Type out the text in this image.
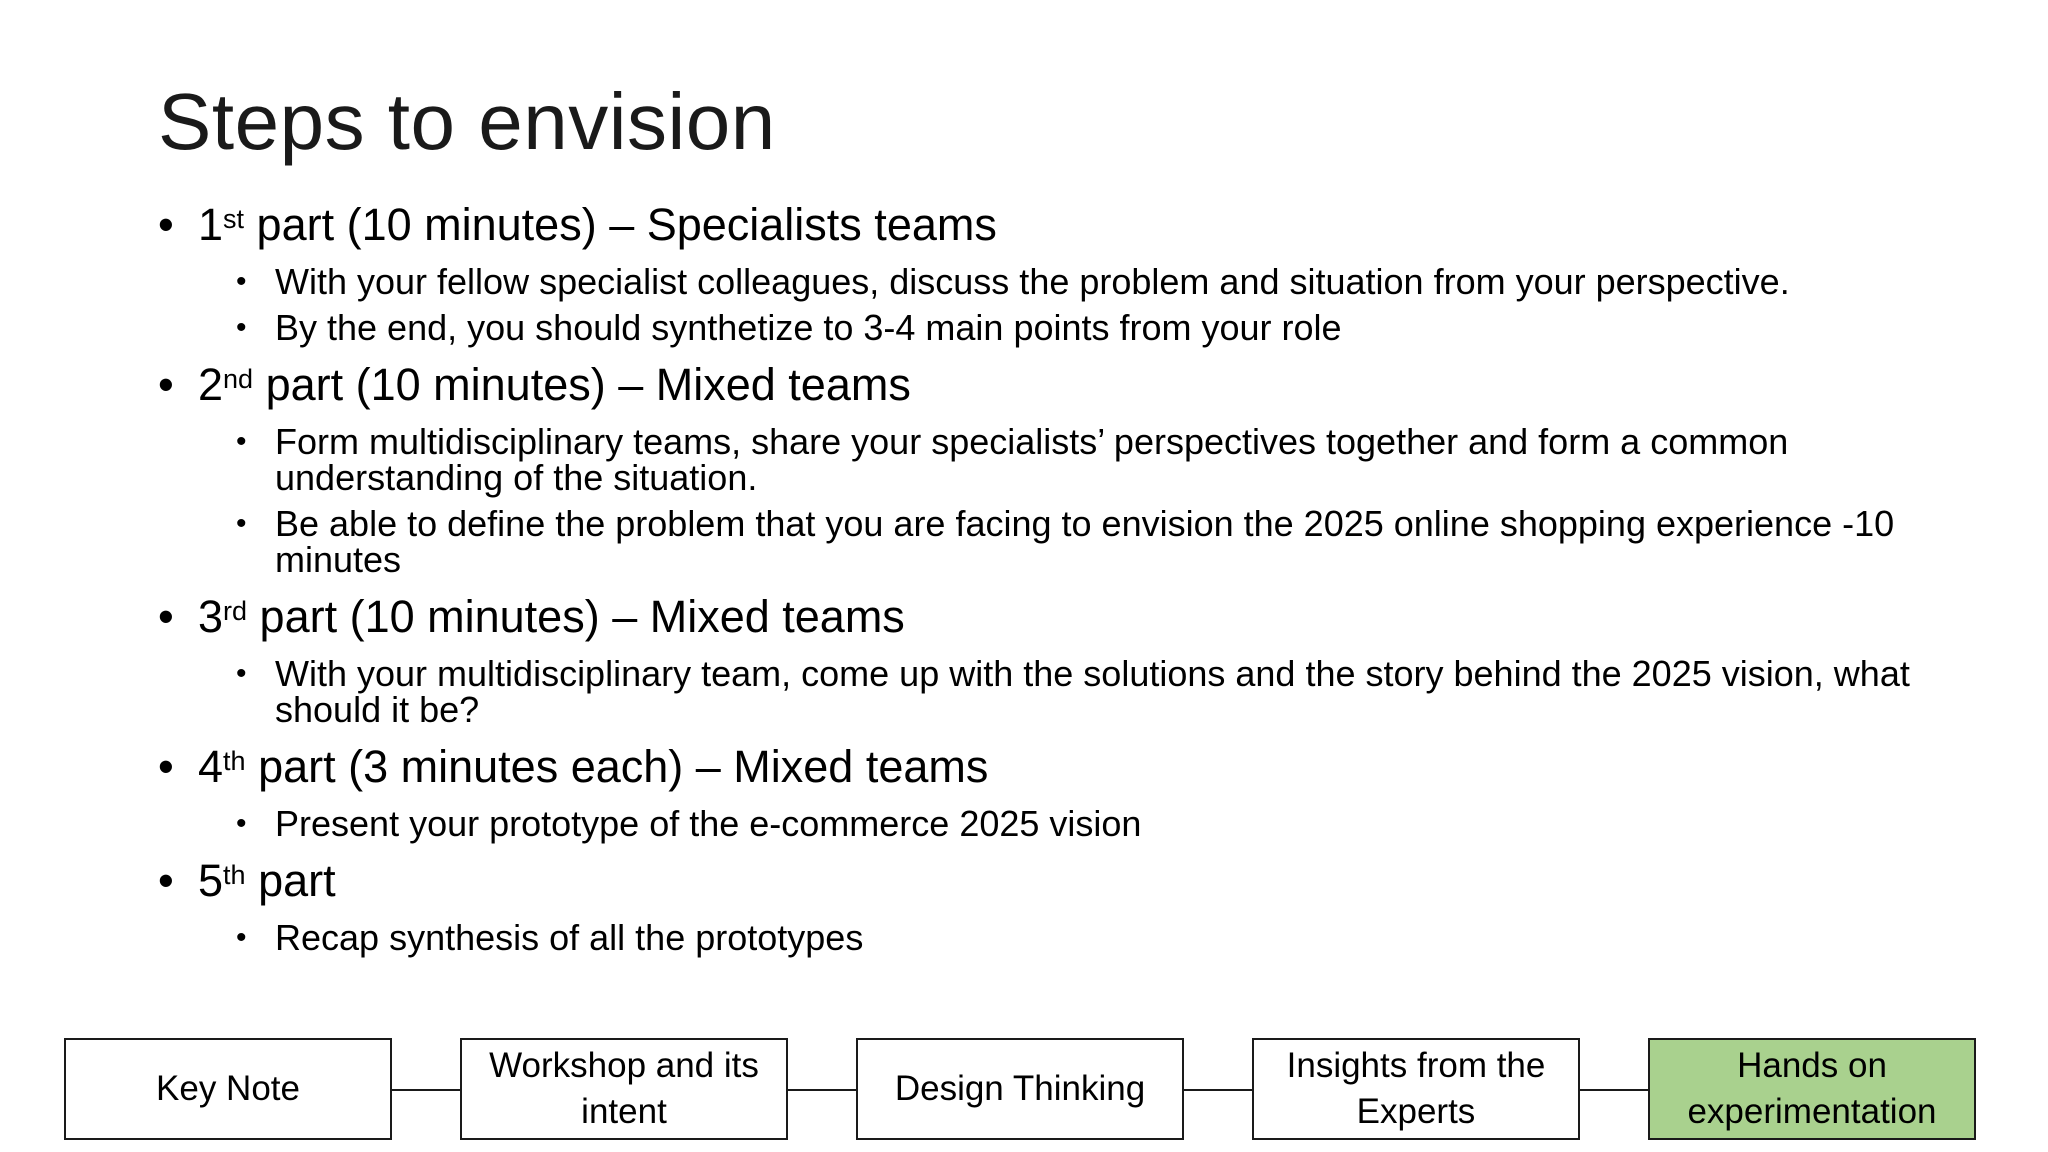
Steps to envision
• 1st part (10 minutes) – Specialists teams
• With your fellow specialist colleagues, discuss the problem and situation from your perspective.
• By the end, you should synthetize to 3-4 main points from your role
• 2nd part (10 minutes) – Mixed teams
• Form multidisciplinary teams, share your specialists’ perspectives together and form a common understanding of the situation.
• Be able to define the problem that you are facing to envision the 2025 online shopping experience -10 minutes
• 3rd part (10 minutes) – Mixed teams
• With your multidisciplinary team, come up with the solutions and the story behind the 2025 vision, what should it be?
• 4th part (3 minutes each) – Mixed teams
• Present your prototype of the e-commerce 2025 vision
• 5th part
• Recap synthesis of all the prototypes
Key Note
Workshop and its
intent
Design Thinking
Insights from the
Experts
Hands on
experimentation
